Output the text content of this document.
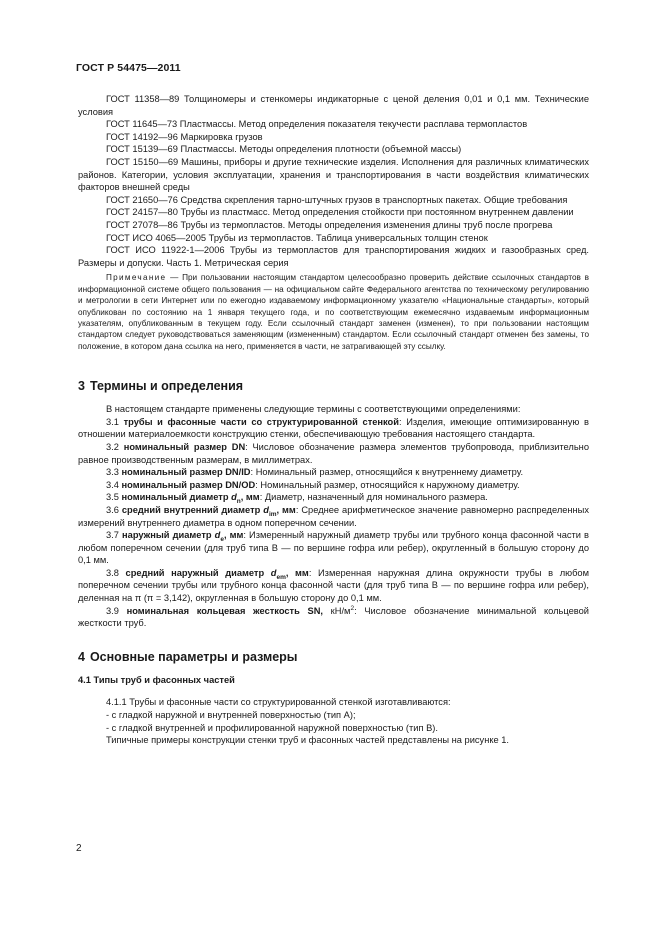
ГОСТ Р 54475—2011

ГОСТ 11358—89 Толщиномеры и стенкомеры индикаторные с ценой деления 0,01 и 0,1 мм. Технические условия

ГОСТ 11645—73 Пластмассы. Метод определения показателя текучести расплава термопластов

ГОСТ 14192—96 Маркировка грузов

ГОСТ 15139—69 Пластмассы. Методы определения плотности (объемной массы)

ГОСТ 15150—69 Машины, приборы и другие технические изделия. Исполнения для различных климатических районов. Категории, условия эксплуатации, хранения и транспортирования в части воздействия климатических факторов внешней среды

ГОСТ 21650—76 Средства скрепления тарно-штучных грузов в транспортных пакетах. Общие требования

ГОСТ 24157—80 Трубы из пластмасс. Метод определения стойкости при постоянном внутреннем давлении

ГОСТ 27078—86 Трубы из термопластов. Методы определения изменения длины труб после прогрева

ГОСТ ИСО 4065—2005 Трубы из термопластов. Таблица универсальных толщин стенок

ГОСТ ИСО 11922-1—2006 Трубы из термопластов для транспортирования жидких и газообразных сред. Размеры и допуски. Часть 1. Метрическая серия

Примечание — При пользовании настоящим стандартом целесообразно проверить действие ссылочных стандартов в информационной системе общего пользования — на официальном сайте Федерального агентства по техническому регулированию и метрологии в сети Интернет или по ежегодно издаваемому информационному указателю «Национальные стандарты», который опубликован по состоянию на 1 января текущего года, и по соответствующим ежемесячно издаваемым информационным указателям, опубликованным в текущем году. Если ссылочный стандарт заменен (изменен), то при пользовании настоящим стандартом следует руководствоваться заменяющим (измененным) стандартом. Если ссылочный стандарт отменен без замены, то положение, в котором дана ссылка на него, применяется в части, не затрагивающей эту ссылку.

3 Термины и определения

В настоящем стандарте применены следующие термины с соответствующими определениями:

3.1 трубы и фасонные части со структурированной стенкой: Изделия, имеющие оптимизированную в отношении материалоемкости конструкцию стенки, обеспечивающую требования настоящего стандарта.

3.2 номинальный размер DN: Числовое обозначение размера элементов трубопровода, приблизительно равное производственным размерам, в миллиметрах.

3.3 номинальный размер DN/ID: Номинальный размер, относящийся к внутреннему диаметру.

3.4 номинальный размер DN/OD: Номинальный размер, относящийся к наружному диаметру.

3.5 номинальный диаметр $d_n$, мм: Диаметр, назначенный для номинального размера.

3.6 средний внутренний диаметр $d_{im}$, мм: Среднее арифметическое значение равномерно распределенных измерений внутреннего диаметра в одном поперечном сечении.

3.7 наружный диаметр $d_e$, мм: Измеренный наружный диаметр трубы или трубного конца фасонной части в любом поперечном сечении (для труб типа В — по вершине гофра или ребер), округленный в большую сторону до 0,1 мм.

3.8 средний наружный диаметр $d_{em}$, мм: Измеренная наружная длина окружности трубы в любом поперечном сечении трубы или трубного конца фасонной части (для труб типа В — по вершине гофра или ребер), деленная на π (π = 3,142), округленная в большую сторону до 0,1 мм.

3.9 номинальная кольцевая жесткость SN, $кН/м^2$: Числовое обозначение минимальной кольцевой жесткости труб.

4 Основные параметры и размеры
4.1 Типы труб и фасонных частей

4.1.1 Трубы и фасонные части со структурированной стенкой изготавливаются:

- с гладкой наружной и внутренней поверхностью (тип А);

- с гладкой внутренней и профилированной наружной поверхностью (тип В).

Типичные примеры конструкции стенки труб и фасонных частей представлены на рисунке 1.

2
